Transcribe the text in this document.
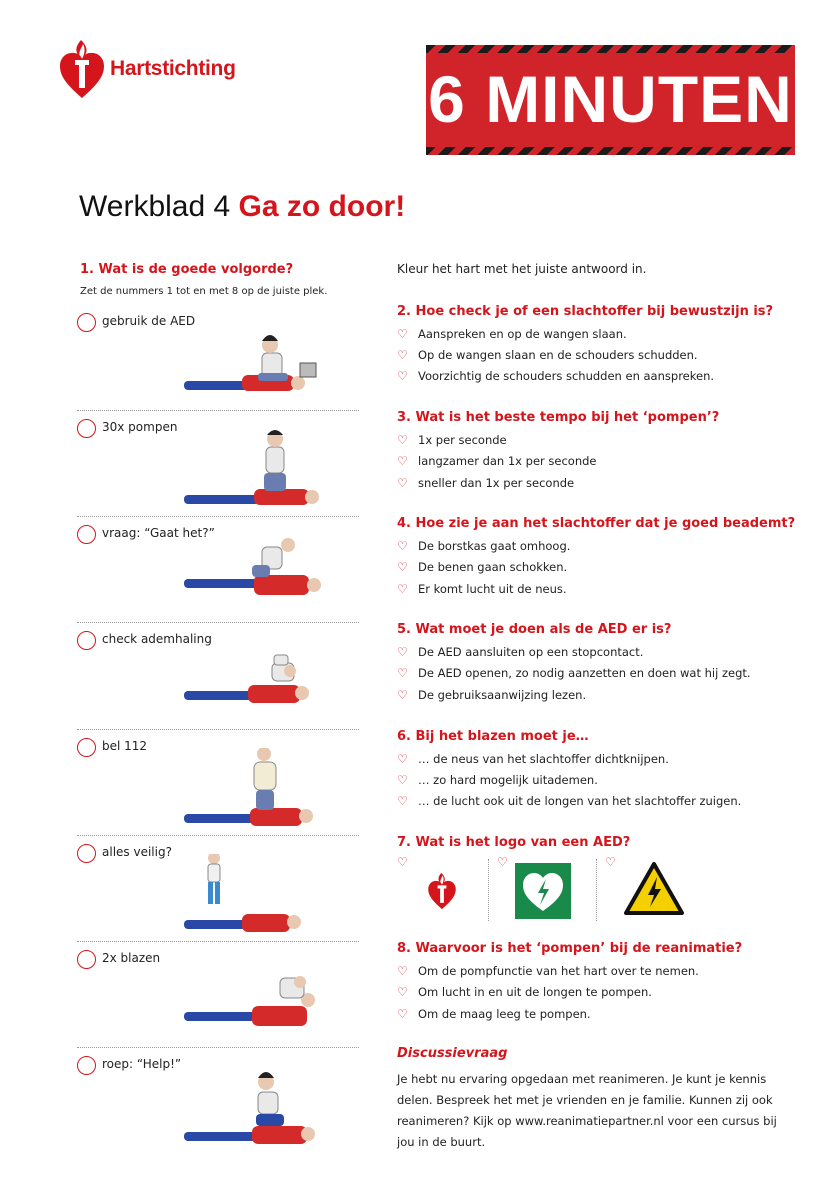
Hartstichting	6 MINUTEN
Werkblad 4 Ga zo door!
1. Wat is de goede volgorde?
Zet de nummers 1 tot en met 8 op de juiste plek.
gebruik de AED
30x pompen
vraag: “Gaat het?”
check ademhaling
bel 112
alles veilig?
2x blazen
roep: “Help!”
Kleur het hart met het juiste antwoord in.
2. Hoe check je of een slachtoffer bij bewustzijn is?
♡ Aanspreken en op de wangen slaan.
♡ Op de wangen slaan en de schouders schudden.
♡ Voorzichtig de schouders schudden en aanspreken.
3. Wat is het beste tempo bij het ‘pompen’?
♡ 1x per seconde
♡ langzamer dan 1x per seconde
♡ sneller dan 1x per seconde
4. Hoe zie je aan het slachtoffer dat je goed beademt?
♡ De borstkas gaat omhoog.
♡ De benen gaan schokken.
♡ Er komt lucht uit de neus.
5. Wat moet je doen als de AED er is?
♡ De AED aansluiten op een stopcontact.
♡ De AED openen, zo nodig aanzetten en doen wat hij zegt.
♡ De gebruiksaanwijzing lezen.
6. Bij het blazen moet je…
♡ … de neus van het slachtoffer dichtknijpen.
♡ … zo hard mogelijk uitademen.
♡ … de lucht ook uit de longen van het slachtoffer zuigen.
7. Wat is het logo van een AED?
♡	♡	♡
8. Waarvoor is het ‘pompen’ bij de reanimatie?
♡ Om de pompfunctie van het hart over te nemen.
♡ Om lucht in en uit de longen te pompen.
♡ Om de maag leeg te pompen.
Discussievraag
Je hebt nu ervaring opgedaan met reanimeren. Je kunt je kennis delen. Bespreek het met je vrienden en je familie. Kunnen zij ook reanimeren? Kijk op www.reanimatiepartner.nl voor een cursus bij jou in de buurt.
